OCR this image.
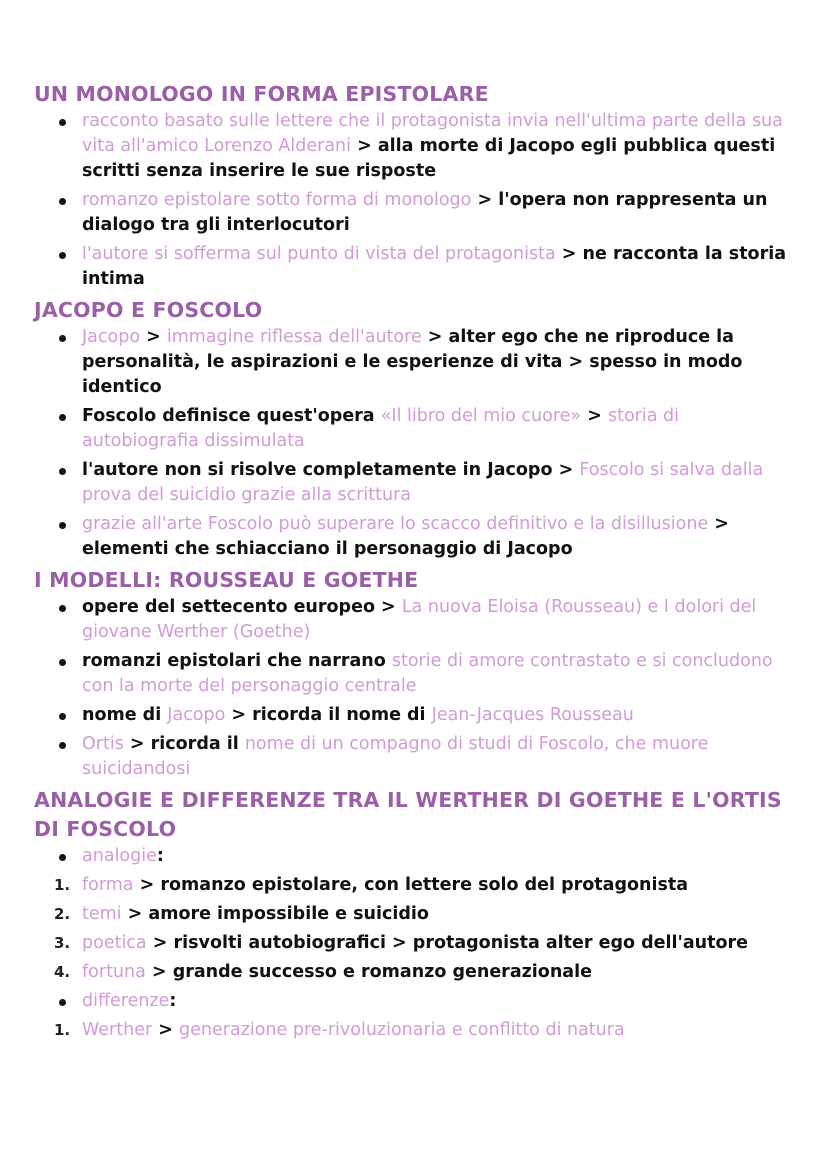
UN MONOLOGO IN FORMA EPISTOLARE
racconto basato sulle lettere che il protagonista invia nell'ultima parte della sua vita all'amico Lorenzo Alderani > alla morte di Jacopo egli pubblica questi scritti senza inserire le sue risposte
romanzo epistolare sotto forma di monologo > l'opera non rappresenta un dialogo tra gli interlocutori
l'autore si sofferma sul punto di vista del protagonista > ne racconta la storia intima
JACOPO E FOSCOLO
Jacopo > immagine riflessa dell'autore > alter ego che ne riproduce la personalità, le aspirazioni e le esperienze di vita > spesso in modo identico
Foscolo definisce quest'opera «Il libro del mio cuore» > storia di autobiografia dissimulata
l'autore non si risolve completamente in Jacopo > Foscolo si salva dalla prova del suicidio grazie alla scrittura
grazie all'arte Foscolo può superare lo scacco definitivo e la disillusione > elementi che schiacciano il personaggio di Jacopo
I MODELLI: ROUSSEAU E GOETHE
opere del settecento europeo > La nuova Eloisa (Rousseau) e I dolori del giovane Werther (Goethe)
romanzi epistolari che narrano storie di amore contrastato e si concludono con la morte del personaggio centrale
nome di Jacopo > ricorda il nome di Jean-Jacques Rousseau
Ortis > ricorda il nome di un compagno di studi di Foscolo, che muore suicidandosi
ANALOGIE E DIFFERENZE TRA IL WERTHER DI GOETHE E L'ORTIS DI FOSCOLO
analogie:
1. forma > romanzo epistolare, con lettere solo del protagonista
2. temi > amore impossibile e suicidio
3. poetica > risvolti autobiografici > protagonista alter ego dell'autore
4. fortuna > grande successo e romanzo generazionale
differenze:
1. Werther > generazione pre-rivoluzionaria e conflitto di natura
